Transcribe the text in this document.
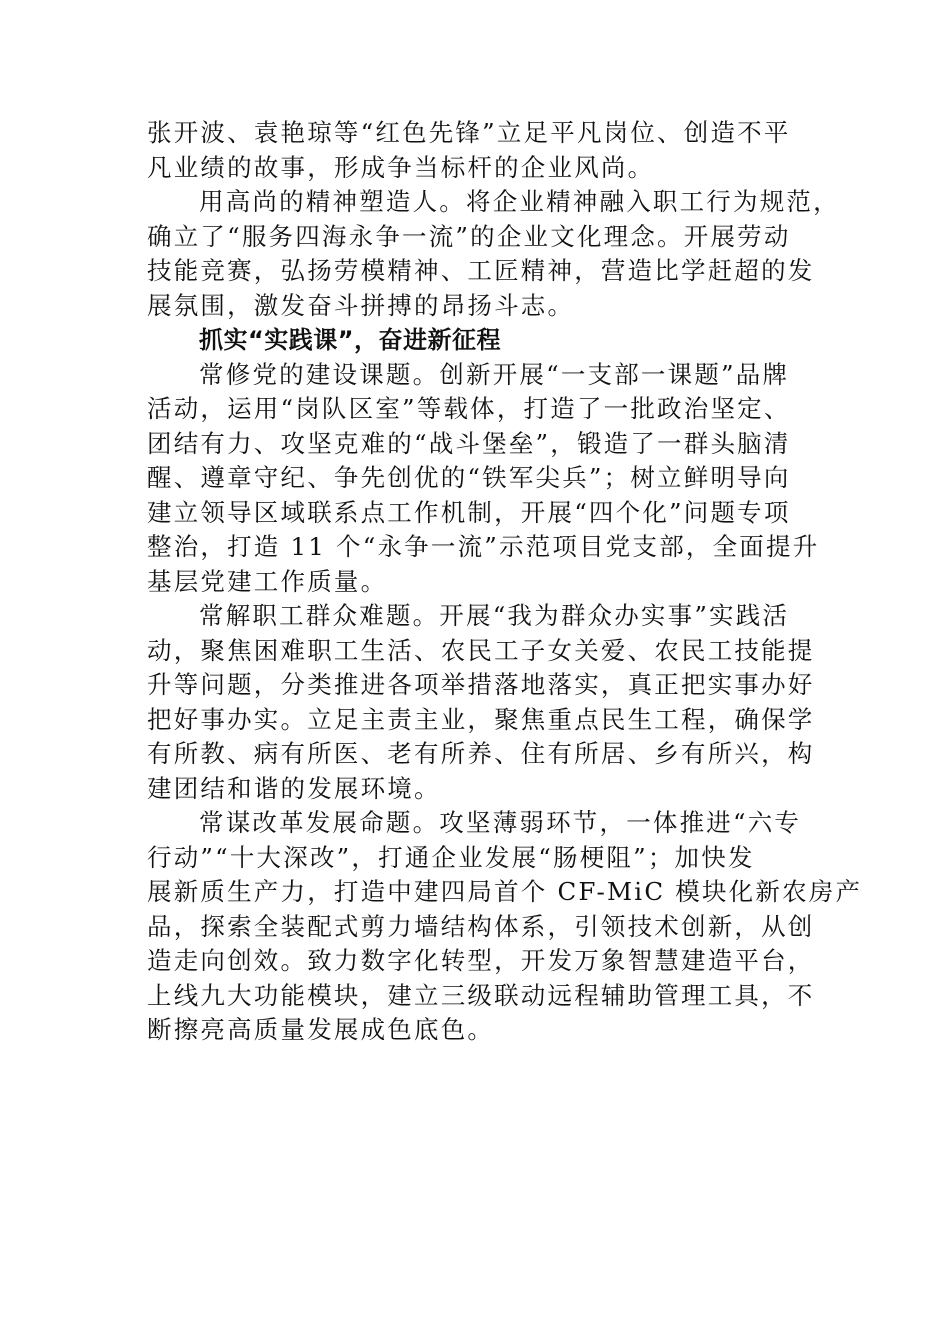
张开波、袁艳琼等“红色先锋”立足平凡岗位、创造不平
凡业绩的故事，形成争当标杆的企业风尚。
用高尚的精神塑造人。将企业精神融入职工行为规范，
确立了“服务四海永争一流”的企业文化理念。开展劳动
技能竞赛，弘扬劳模精神、工匠精神，营造比学赶超的发
展氛围，激发奋斗拼搏的昂扬斗志。
抓实“实践课”，奋进新征程
常修党的建设课题。创新开展“一支部一课题”品牌
活动，运用“岗队区室”等载体，打造了一批政治坚定、
团结有力、攻坚克难的“战斗堡垒”，锻造了一群头脑清
醒、遵章守纪、争先创优的“铁军尖兵”；树立鲜明导向
建立领导区域联系点工作机制，开展“四个化”问题专项
整治，打造 11 个“永争一流”示范项目党支部，全面提升
基层党建工作质量。
常解职工群众难题。开展“我为群众办实事”实践活
动，聚焦困难职工生活、农民工子女关爱、农民工技能提
升等问题，分类推进各项举措落地落实，真正把实事办好
把好事办实。立足主责主业，聚焦重点民生工程，确保学
有所教、病有所医、老有所养、住有所居、乡有所兴，构
建团结和谐的发展环境。
常谋改革发展命题。攻坚薄弱环节，一体推进“六专
行动”“十大深改”，打通企业发展“肠梗阻”；加快发
展新质生产力，打造中建四局首个 CF-MiC 模块化新农房产
品，探索全装配式剪力墙结构体系，引领技术创新，从创
造走向创效。致力数字化转型，开发万象智慧建造平台，
上线九大功能模块，建立三级联动远程辅助管理工具，不
断擦亮高质量发展成色底色。
